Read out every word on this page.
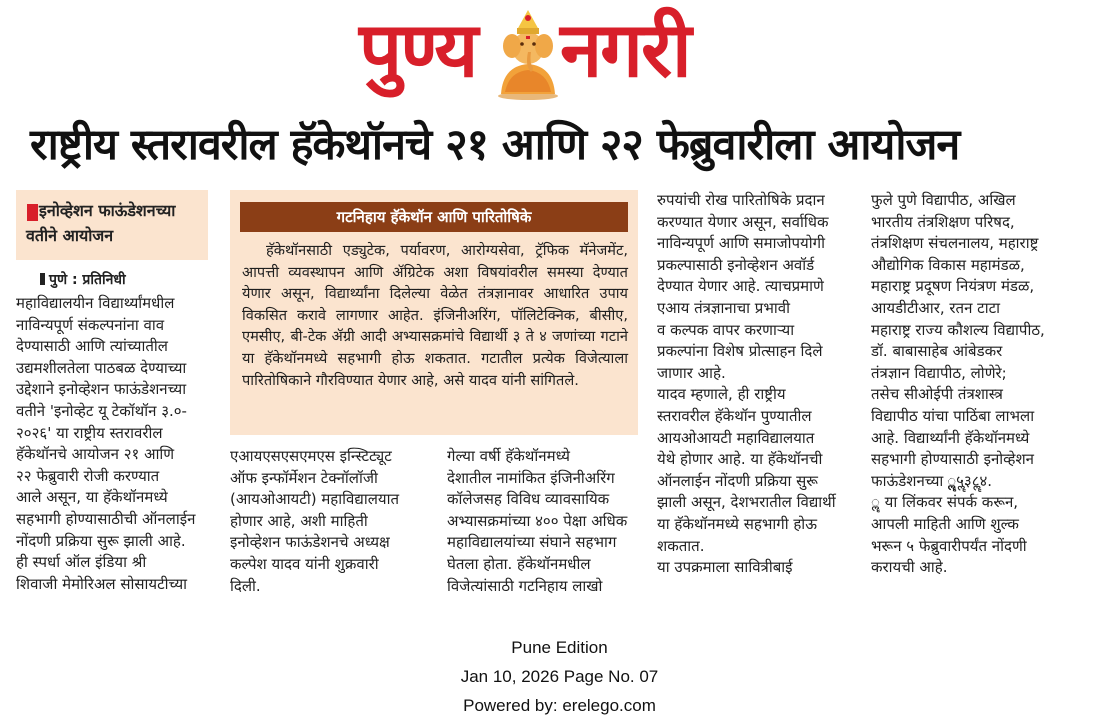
पुण्य नगरी
राष्ट्रीय स्तरावरील हॅकेथॉनचे २१ आणि २२ फेब्रुवारीला आयोजन
इनोव्हेशन फाऊंडेशनच्या
वतीने आयोजन
पुणे : प्रतिनिधी
महाविद्यालयीन विद्यार्थ्यांमधील
नाविन्यपूर्ण संकल्पनांना वाव
देण्यासाठी आणि त्यांच्यातील
उद्यमशीलतेला पाठबळ देण्याच्या
उद्देशाने इनोव्हेशन फाऊंडेशनच्या
वतीने 'इनोव्हेट यू टेकॉथॉन ३.०-
२०२६' या राष्ट्रीय स्तरावरील
हॅकेथॉनचे आयोजन २१ आणि
२२ फेब्रुवारी रोजी करण्यात
आले असून, या हॅकेथॉनमध्ये
सहभागी होण्यासाठीची ऑनलाईन
नोंदणी प्रक्रिया सुरू झाली आहे.
ही स्पर्धा ऑल इंडिया श्री
शिवाजी मेमोरिअल सोसायटीच्या
गटनिहाय हॅकेथॉन आणि पारितोषिके
हॅकेथॉनसाठी एड्युटेक, पर्यावरण, आरोग्यसेवा, ट्रॅफिक मॅनेजमेंट, आपत्ती व्यवस्थापन आणि ॲग्रिटेक अशा विषयांवरील समस्या देण्यात येणार असून, विद्यार्थ्यांना दिलेल्या वेळेत तंत्रज्ञानावर आधारित उपाय विकसित करावे लागणार आहेत. इंजिनीअरिंग, पॉलिटेक्निक, बीसीए, एमसीए, बी-टेक ॲग्री आदी अभ्यासक्रमांचे विद्यार्थी ३ ते ४ जणांच्या गटाने या हॅकेथॉनमध्ये सहभागी होऊ शकतात. गटातील प्रत्येक विजेत्याला पारितोषिकाने गौरविण्यात येणार आहे, असे यादव यांनी सांगितले.
एआयएसएसएमएस इन्स्टिट्यूट
ऑफ इन्फॉर्मेशन टेक्नॉलॉजी
(आयओआयटी) महाविद्यालयात
होणार आहे, अशी माहिती
इनोव्हेशन फाऊंडेशनचे अध्यक्ष
कल्पेश यादव यांनी शुक्रवारी
दिली.
गेल्या वर्षी हॅकेथॉनमध्ये
देशातील नामांकित इंजिनीअरिंग
कॉलेजसह विविध व्यावसायिक
अभ्यासक्रमांच्या ४०० पेक्षा अधिक
महाविद्यालयांच्या संघाने सहभाग
घेतला होता. हॅकेथॉनमधील
विजेत्यांसाठी गटनिहाय लाखो
रुपयांची रोख पारितोषिके प्रदान
करण्यात येणार असून, सर्वाधिक
नाविन्यपूर्ण आणि समाजोपयोगी
प्रकल्पासाठी इनोव्हेशन अवॉर्ड
देण्यात येणार आहे. त्याचप्रमाणे
एआय तंत्रज्ञानाचा प्रभावी
व कल्पक वापर करणाऱ्या
प्रकल्पांना विशेष प्रोत्साहन दिले
जाणार आहे.
यादव म्हणाले, ही राष्ट्रीय
स्तरावरील हॅकेथॉन पुण्यातील
आयओआयटी महाविद्यालयात
येथे होणार आहे. या हॅकेथॉनची
ऑनलाईन नोंदणी प्रक्रिया सुरू
झाली असून, देशभरातील विद्यार्थी
या हॅकेथॉनमध्ये सहभागी होऊ
शकतात.
या उपक्रमाला सावित्रीबाई
फुले पुणे विद्यापीठ, अखिल
भारतीय तंत्रशिक्षण परिषद,
तंत्रशिक्षण संचलनालय, महाराष्ट्र
औद्योगिक विकास महामंडळ,
महाराष्ट्र प्रदूषण नियंत्रण मंडळ,
आयडीटीआर, रतन टाटा
महाराष्ट्र राज्य कौशल्य विद्यापीठ,
डॉ. बाबासाहेब आंबेडकर
तंत्रज्ञान विद्यापीठ, लोणेरे;
तसेच सीओईपी तंत्रशास्त्र
विद्यापीठ यांचा पाठिंबा लाभला
आहे. विद्यार्थ्यांनी हॅकेथॉनमध्ये
सहभागी होण्यासाठी इनोव्हेशन
फाऊंडेशनच्या ॣॣॣॣ५ॣ३८ॣ४.
ॣ या लिंकवर संपर्क करून,
आपली माहिती आणि शुल्क
भरून ५ फेब्रुवारीपर्यंत नोंदणी
करायची आहे.
Pune Edition
Jan 10, 2026 Page No. 07
Powered by: erelego.com
